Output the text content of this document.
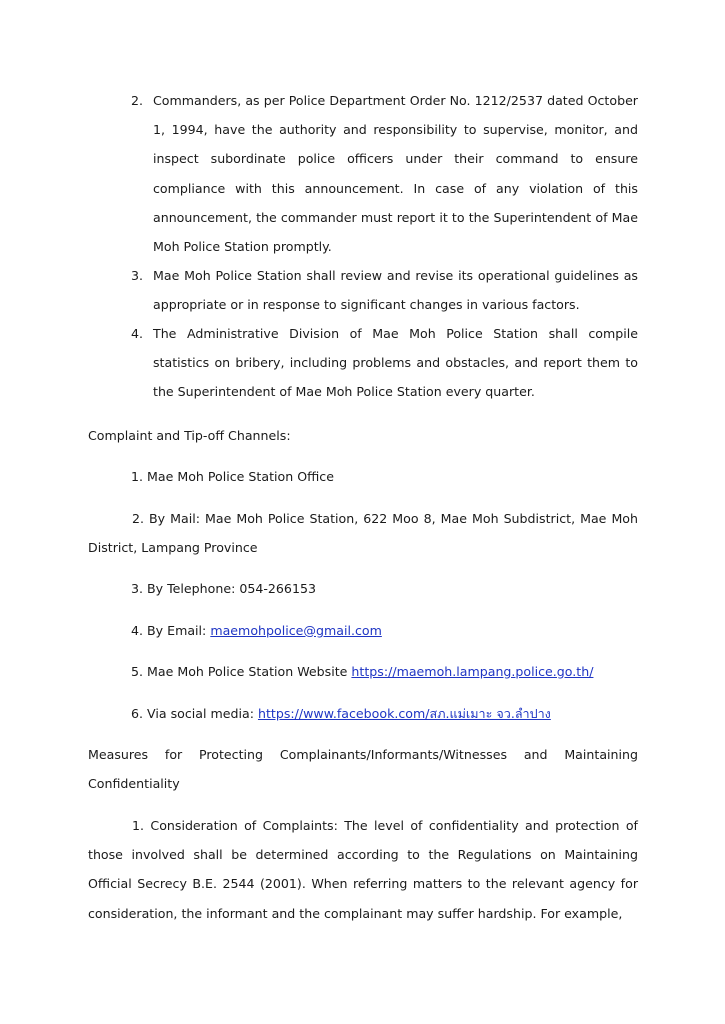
2. Commanders, as per Police Department Order No. 1212/2537 dated October 1, 1994, have the authority and responsibility to supervise, monitor, and inspect subordinate police officers under their command to ensure compliance with this announcement. In case of any violation of this announcement, the commander must report it to the Superintendent of Mae Moh Police Station promptly.

3. Mae Moh Police Station shall review and revise its operational guidelines as appropriate or in response to significant changes in various factors.

4. The Administrative Division of Mae Moh Police Station shall compile statistics on bribery, including problems and obstacles, and report them to the Superintendent of Mae Moh Police Station every quarter.

Complaint and Tip-off Channels:
1. Mae Moh Police Station Office

2. By Mail: Mae Moh Police Station, 622 Moo 8, Mae Moh Subdistrict, Mae Moh District, Lampang Province

3. By Telephone: 054-266153
4. By Email: maemohpolice@gmail.com
5. Mae Moh Police Station Website https://maemoh.lampang.police.go.th/
6. Via social media: https://www.facebook.com/สภ.แม่เมาะ จว.ลำปาง
Measures for Protecting Complainants/Informants/Witnesses and Maintaining
Confidentiality

1. Consideration of Complaints: The level of confidentiality and protection of those involved shall be determined according to the Regulations on Maintaining Official Secrecy B.E. 2544 (2001). When referring matters to the relevant agency for consideration, the informant and the complainant may suffer hardship. For example,
